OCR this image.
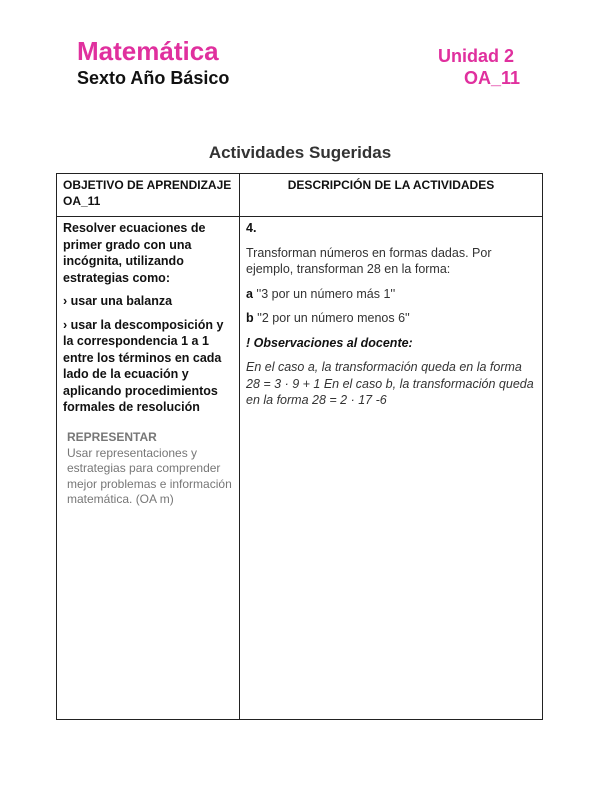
Matemática
Sexto Año Básico
Unidad 2
OA_11
Actividades Sugeridas
OBJETIVO DE APRENDIZAJE
OA_11
DESCRIPCIÓN DE LA ACTIVIDADES

Resolver ecuaciones de primer grado con una incógnita, utilizando estrategias como:

› usar una balanza

› usar la descomposición y la correspondencia 1 a 1 entre los términos en cada lado de la ecuación y aplicando procedimientos formales de resolución

REPRESENTAR
Usar representaciones y estrategias para comprender mejor problemas e información matemática. (OA m)

4.

Transforman números en formas dadas. Por ejemplo, transforman 28 en la forma:

a ''3 por un número más 1''

b ''2 por un número menos 6''

! Observaciones al docente:

En el caso a, la transformación queda en la forma 28 = 3 · 9 + 1 En el caso b, la transformación queda en la forma 28 = 2 · 17 -6
